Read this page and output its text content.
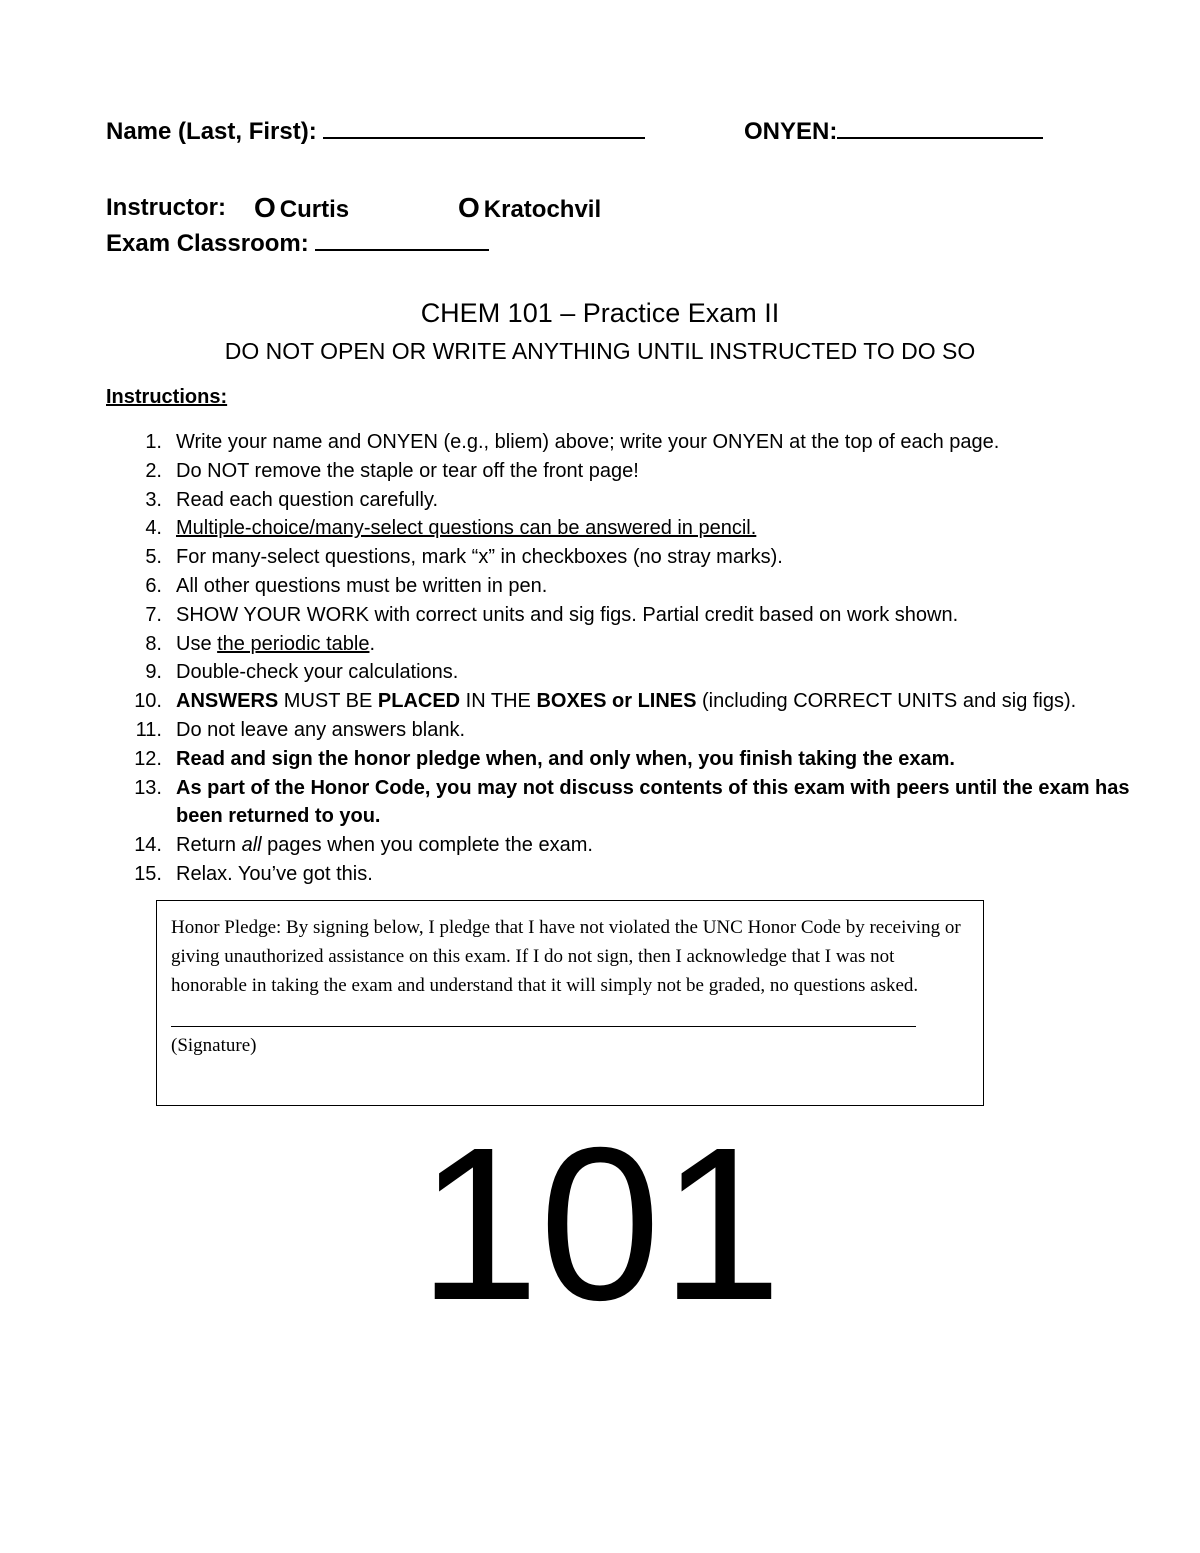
Name (Last, First):	ONYEN:
Instructor: O Curtis	O Kratochvil
Exam Classroom:
CHEM 101 – Practice Exam II
DO NOT OPEN OR WRITE ANYTHING UNTIL INSTRUCTED TO DO SO
Instructions:
1. Write your name and ONYEN (e.g., bliem) above; write your ONYEN at the top of each page.
2. Do NOT remove the staple or tear off the front page!
3. Read each question carefully.
4. Multiple-choice/many-select questions can be answered in pencil.
5. For many-select questions, mark “x” in checkboxes (no stray marks).
6. All other questions must be written in pen.
7. SHOW YOUR WORK with correct units and sig figs. Partial credit based on work shown.
8. Use the periodic table.
9. Double-check your calculations.
10. ANSWERS MUST BE PLACED IN THE BOXES or LINES (including CORRECT UNITS and sig figs).
11. Do not leave any answers blank.
12. Read and sign the honor pledge when, and only when, you finish taking the exam.
13. As part of the Honor Code, you may not discuss contents of this exam with peers until the exam has been returned to you.
14. Return all pages when you complete the exam.
15. Relax. You’ve got this.
Honor Pledge: By signing below, I pledge that I have not violated the UNC Honor Code by receiving or giving unauthorized assistance on this exam. If I do not sign, then I acknowledge that I was not honorable in taking the exam and understand that it will simply not be graded, no questions asked.
(Signature)
101
